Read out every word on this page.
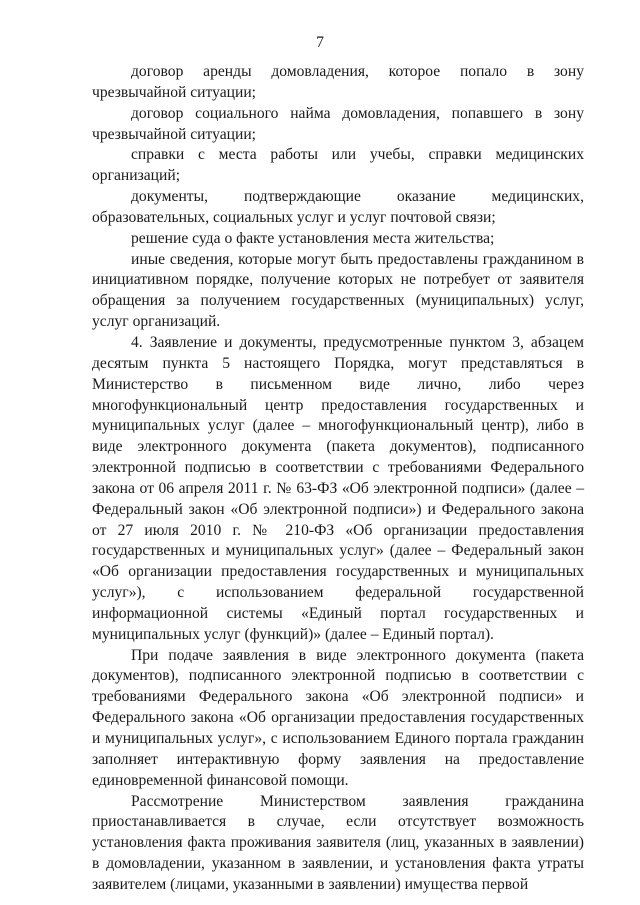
7

договор аренды домовладения, которое попало в зону чрезвычайной ситуации;

договор социального найма домовладения, попавшего в зону чрезвычайной ситуации;

справки с места работы или учебы, справки медицинских организаций;

документы, подтверждающие оказание медицинских, образовательных, социальных услуг и услуг почтовой связи;

решение суда о факте установления места жительства;

иные сведения, которые могут быть предоставлены гражданином в инициативном порядке, получение которых не потребует от заявителя обращения за получением государственных (муниципальных) услуг, услуг организаций.

4. Заявление и документы, предусмотренные пунктом 3, абзацем десятым пункта 5 настоящего Порядка, могут представляться в Министерство в письменном виде лично, либо через многофункциональный центр предоставления государственных и муниципальных услуг (далее – многофункциональный центр), либо в виде электронного документа (пакета документов), подписанного электронной подписью в соответствии с требованиями Федерального закона от 06 апреля 2011 г. № 63-ФЗ «Об электронной подписи» (далее – Федеральный закон «Об электронной подписи») и Федерального закона от 27 июля 2010 г. № 210-ФЗ «Об организации предоставления государственных и муниципальных услуг» (далее – Федеральный закон «Об организации предоставления государственных и муниципальных услуг»), с использованием федеральной государственной информационной системы «Единый портал государственных и муниципальных услуг (функций)» (далее – Единый портал).

При подаче заявления в виде электронного документа (пакета документов), подписанного электронной подписью в соответствии с требованиями Федерального закона «Об электронной подписи» и Федерального закона «Об организации предоставления государственных и муниципальных услуг», с использованием Единого портала гражданин заполняет интерактивную форму заявления на предоставление единовременной финансовой помощи.

Рассмотрение Министерством заявления гражданина приостанавливается в случае, если отсутствует возможность установления факта проживания заявителя (лиц, указанных в заявлении) в домовладении, указанном в заявлении, и установления факта утраты заявителем (лицами, указанными в заявлении) имущества первой
